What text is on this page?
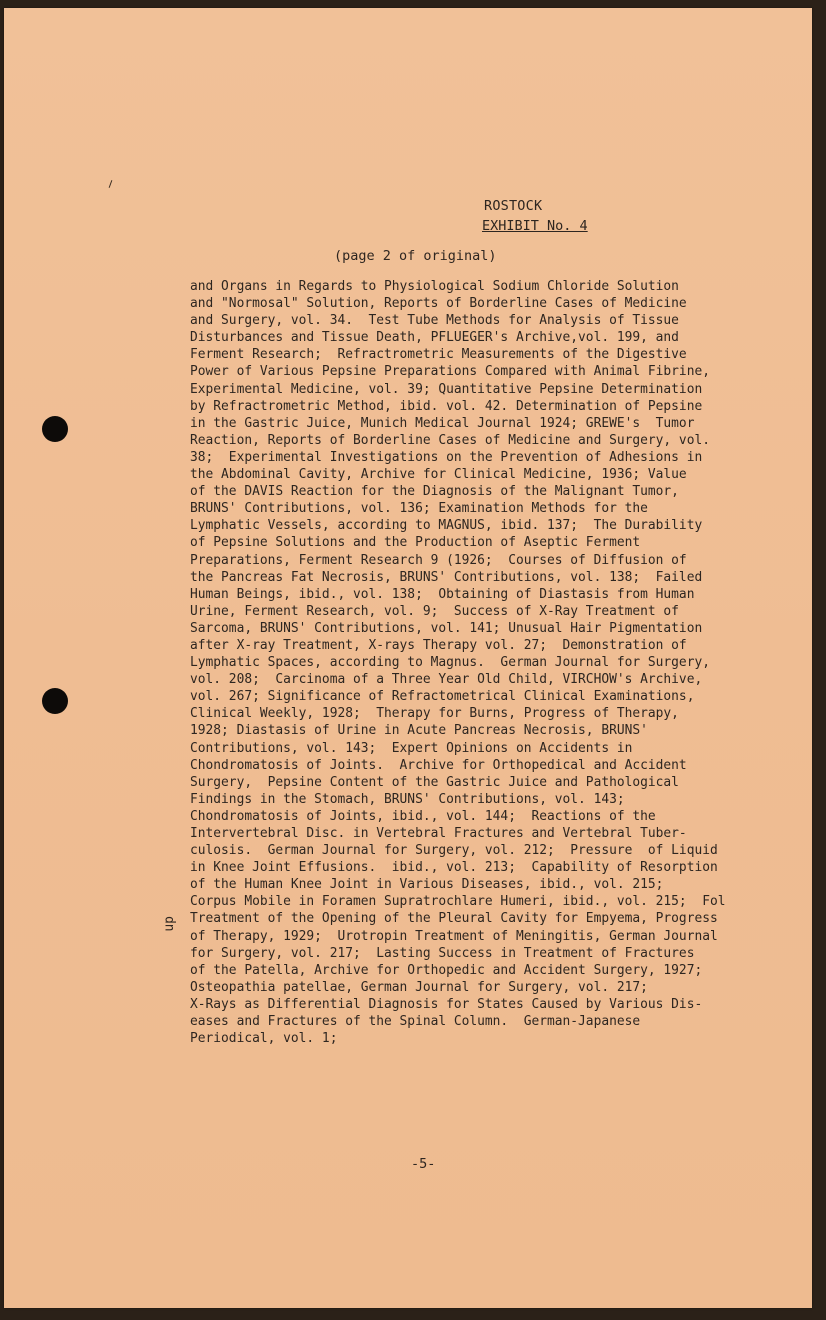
ROSTOCK
EXHIBIT No. 4
(page 2 of original)
and Organs in Regards to Physiological Sodium Chloride Solution
and "Normosal" Solution, Reports of Borderline Cases of Medicine
and Surgery, vol. 34.  Test Tube Methods for Analysis of Tissue
Disturbances and Tissue Death, PFLUEGER's Archive,vol. 199, and
Ferment Research;  Refractrometric Measurements of the Digestive
Power of Various Pepsine Preparations Compared with Animal Fibrine,
Experimental Medicine, vol. 39; Quantitative Pepsine Determination
by Refractrometric Method, ibid. vol. 42. Determination of Pepsine
in the Gastric Juice, Munich Medical Journal 1924; GREWE's  Tumor
Reaction, Reports of Borderline Cases of Medicine and Surgery, vol.
38;  Experimental Investigations on the Prevention of Adhesions in
the Abdominal Cavity, Archive for Clinical Medicine, 1936; Value
of the DAVIS Reaction for the Diagnosis of the Malignant Tumor,
BRUNS' Contributions, vol. 136; Examination Methods for the
Lymphatic Vessels, according to MAGNUS, ibid. 137;  The Durability
of Pepsine Solutions and the Production of Aseptic Ferment
Preparations, Ferment Research 9 (1926;  Courses of Diffusion of
the Pancreas Fat Necrosis, BRUNS' Contributions, vol. 138;  Failed
Human Beings, ibid., vol. 138;  Obtaining of Diastasis from Human
Urine, Ferment Research, vol. 9;  Success of X-Ray Treatment of
Sarcoma, BRUNS' Contributions, vol. 141; Unusual Hair Pigmentation
after X-ray Treatment, X-rays Therapy vol. 27;  Demonstration of
Lymphatic Spaces, according to Magnus.  German Journal for Surgery,
vol. 208;  Carcinoma of a Three Year Old Child, VIRCHOW's Archive,
vol. 267; Significance of Refractometrical Clinical Examinations,
Clinical Weekly, 1928;  Therapy for Burns, Progress of Therapy,
1928; Diastasis of Urine in Acute Pancreas Necrosis, BRUNS'
Contributions, vol. 143;  Expert Opinions on Accidents in
Chondromatosis of Joints.  Archive for Orthopedical and Accident
Surgery,  Pepsine Content of the Gastric Juice and Pathological
Findings in the Stomach, BRUNS' Contributions, vol. 143;
Chondromatosis of Joints, ibid., vol. 144;  Reactions of the
Intervertebral Disc. in Vertebral Fractures and Vertebral Tuber-
culosis.  German Journal for Surgery, vol. 212;  Pressure  of Liquid
in Knee Joint Effusions.  ibid., vol. 213;  Capability of Resorption
of the Human Knee Joint in Various Diseases, ibid., vol. 215;
Corpus Mobile in Foramen Supratrochlare Humeri, ibid., vol. 215;  Fol
Treatment of the Opening of the Pleural Cavity for Empyema, Progress
of Therapy, 1929;  Urotropin Treatment of Meningitis, German Journal
for Surgery, vol. 217;  Lasting Success in Treatment of Fractures
of the Patella, Archive for Orthopedic and Accident Surgery, 1927;
Osteopathia patellae, German Journal for Surgery, vol. 217;
X-Rays as Differential Diagnosis for States Caused by Various Dis-
eases and Fractures of the Spinal Column.  German-Japanese
Periodical, vol. 1;
up
-5-
